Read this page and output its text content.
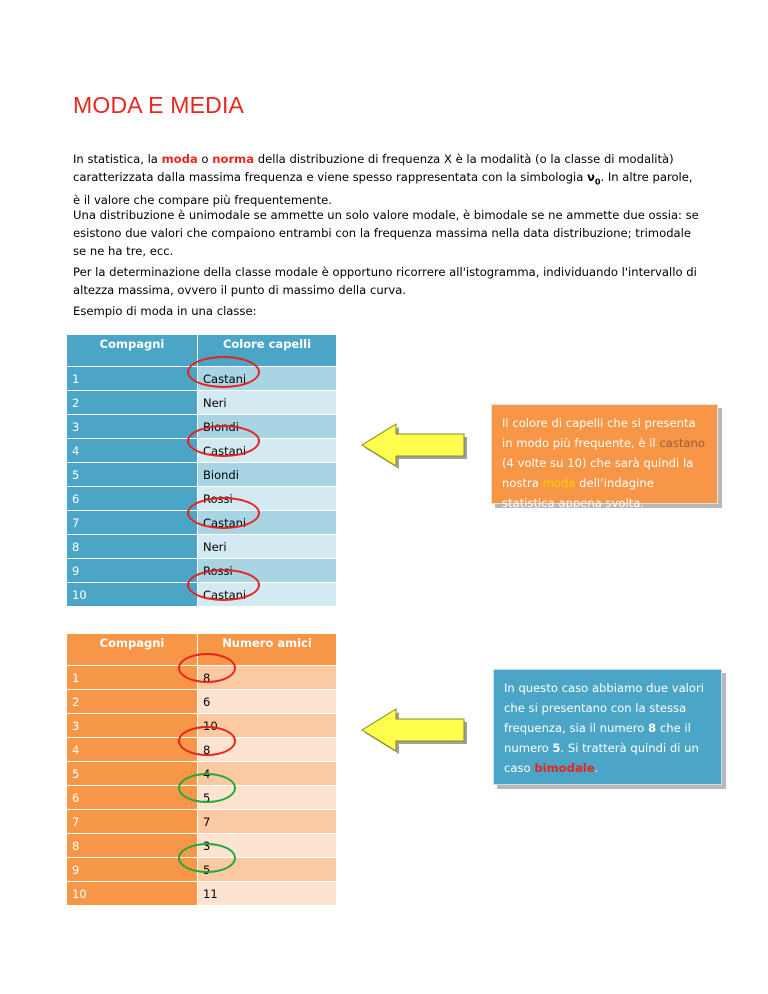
MODA E MEDIA

In statistica, la moda o norma della distribuzione di frequenza X è la modalità (o la classe di modalità) caratterizzata dalla massima frequenza e viene spesso rappresentata con la simbologia $\nu_0$. In altre parole, è il valore che compare più frequentemente.

Una distribuzione è unimodale se ammette un solo valore modale, è bimodale se ne ammette due ossia: se esistono due valori che compaiono entrambi con la frequenza massima nella data distribuzione; trimodale se ne ha tre, ecc.

Per la determinazione della classe modale è opportuno ricorrere all'istogramma, individuando l'intervallo di altezza massima, ovvero il punto di massimo della curva.

Esempio di moda in una classe:

Compagni	Colore capelli
1	Castani
2	Neri
3	Biondi
4	Castani
5	Biondi
6	Rossi
7	Castani
8	Neri
9	Rossi
10	Castani
Compagni	Numero amici
1	8
2	6
3	10
4	8
5	4
6	5
7	7
8	3
9	5
10	11
Il colore di capelli che si presenta in modo più frequente, è il castano (4 volte su 10) che sarà quindi la nostra moda dell’indagine statistica appena svolta.
In questo caso abbiamo due valori che si presentano con la stessa frequenza, sia il numero 8 che il numero 5. Si tratterà quindi di un caso bimodale.
